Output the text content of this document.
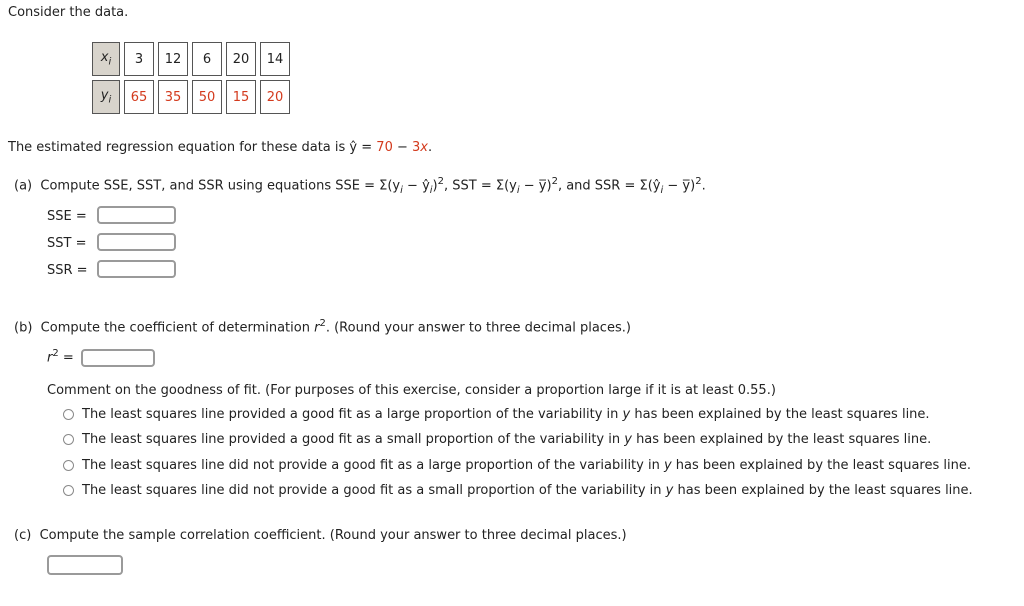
Consider the data.
$x_i$	3	12	6	20	14
$y_i$	65	35	50	15	20
The estimated regression equation for these data is ŷ = 70 − 3x.
(a) Compute SSE, SST, and SSR using equations SSE = $\Sigma(y_i$ − $ŷ_i)^2$, SST = $\Sigma(y_i$ − y̅)$^2$, and SSR = $\Sigma(ŷ_i$ − y̅)$^2$.
SSE =
SST =
SSR =
(b) Compute the coefficient of determination $r^2$. (Round your answer to three decimal places.)
$r^2$ =
Comment on the goodness of fit. (For purposes of this exercise, consider a proportion large if it is at least 0.55.)
The least squares line provided a good fit as a large proportion of the variability in y has been explained by the least squares line.
The least squares line provided a good fit as a small proportion of the variability in y has been explained by the least squares line.
The least squares line did not provide a good fit as a large proportion of the variability in y has been explained by the least squares line.
The least squares line did not provide a good fit as a small proportion of the variability in y has been explained by the least squares line.
(c) Compute the sample correlation coefficient. (Round your answer to three decimal places.)
